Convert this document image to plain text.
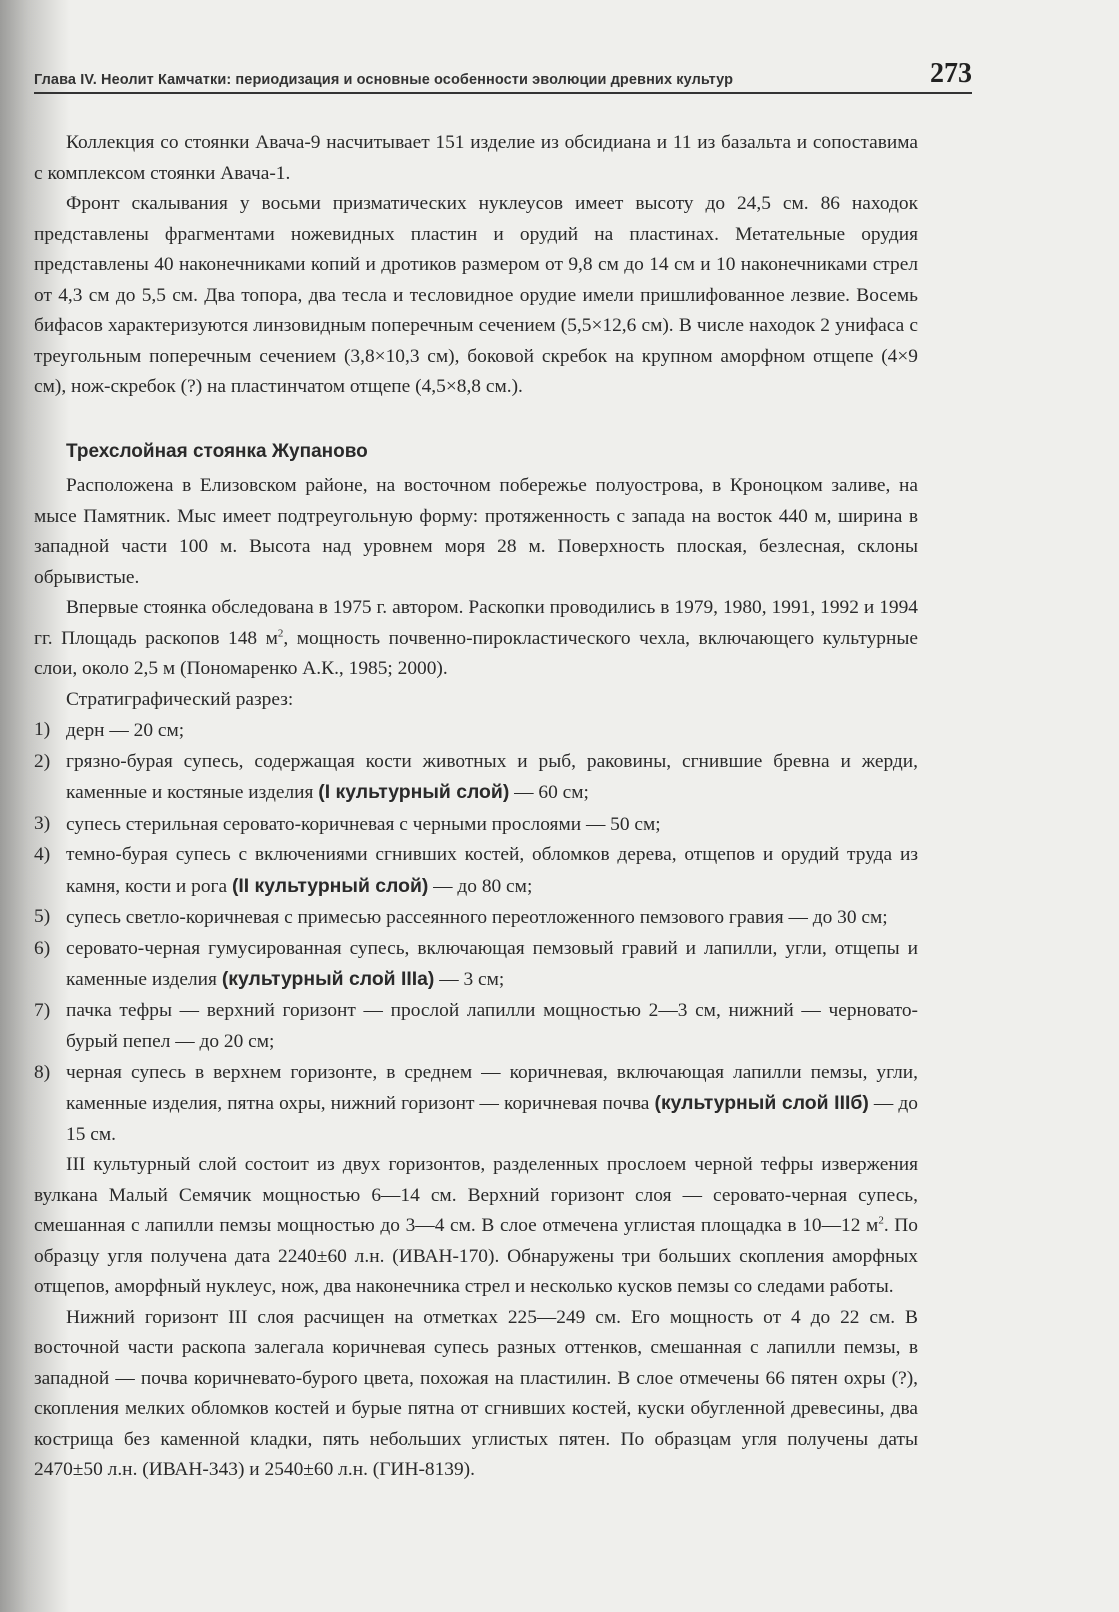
Глава IV. Неолит Камчатки: периодизация и основные особенности эволюции древних культур	273

Коллекция со стоянки Авача-9 насчитывает 151 изделие из обсидиана и 11 из базальта и сопоставима с комплексом стоянки Авача-1.

Фронт скалывания у восьми призматических нуклеусов имеет высоту до 24,5 см. 86 находок представлены фрагментами ножевидных пластин и орудий на пластинах. Метательные орудия представлены 40 наконечниками копий и дротиков размером от 9,8 см до 14 см и 10 наконечниками стрел от 4,3 см до 5,5 см. Два топора, два тесла и тесловидное орудие имели пришлифованное лезвие. Восемь бифасов характеризуются линзовидным поперечным сечением (5,5×12,6 см). В числе находок 2 унифаса с треугольным поперечным сечением (3,8×10,3 см), боковой скребок на крупном аморфном отщепе (4×9 см), нож-скребок (?) на пластинчатом отщепе (4,5×8,8 см.).

Трехслойная стоянка Жупаново

Расположена в Елизовском районе, на восточном побережье полуострова, в Кроноцком заливе, на мысе Памятник. Мыс имеет подтреугольную форму: протяженность с запада на восток 440 м, ширина в западной части 100 м. Высота над уровнем моря 28 м. Поверхность плоская, безлесная, склоны обрывистые.

Впервые стоянка обследована в 1975 г. автором. Раскопки проводились в 1979, 1980, 1991, 1992 и 1994 гг. Площадь раскопов 148 $м^2$, мощность почвенно-пирокластического чехла, включающего культурные слои, около 2,5 м (Пономаренко А.К., 1985; 2000).

Стратиграфический разрез:

1) дерн — 20 см;
2) грязно-бурая супесь, содержащая кости животных и рыб, раковины, сгнившие бревна и жерди, каменные и костяные изделия (I культурный слой) — 60 см;
3) супесь стерильная серовато-коричневая с черными прослоями — 50 см;
4) темно-бурая супесь с включениями сгнивших костей, обломков дерева, отщепов и орудий труда из камня, кости и рога (II культурный слой) — до 80 см;
5) супесь светло-коричневая с примесью рассеянного переотложенного пемзового гравия — до 30 см;
6) серовато-черная гумусированная супесь, включающая пемзовый гравий и лапилли, угли, отщепы и каменные изделия (культурный слой IIIa) — 3 см;
7) пачка тефры — верхний горизонт — прослой лапилли мощностью 2—3 см, нижний — черновато-бурый пепел — до 20 см;
8) черная супесь в верхнем горизонте, в среднем — коричневая, включающая лапилли пемзы, угли, каменные изделия, пятна охры, нижний горизонт — коричневая почва (культурный слой IIIб) — до 15 см.

III культурный слой состоит из двух горизонтов, разделенных прослоем черной тефры извержения вулкана Малый Семячик мощностью 6—14 см. Верхний горизонт слоя — серовато-черная супесь, смешанная с лапилли пемзы мощностью до 3—4 см. В слое отмечена углистая площадка в 10—12 $м^2$. По образцу угля получена дата 2240±60 л.н. (ИВАН-170). Обнаружены три больших скопления аморфных отщепов, аморфный нуклеус, нож, два наконечника стрел и несколько кусков пемзы со следами работы.

Нижний горизонт III слоя расчищен на отметках 225—249 см. Его мощность от 4 до 22 см. В восточной части раскопа залегала коричневая супесь разных оттенков, смешанная с лапилли пемзы, в западной — почва коричневато-бурого цвета, похожая на пластилин. В слое отмечены 66 пятен охры (?), скопления мелких обломков костей и бурые пятна от сгнивших костей, куски обугленной древесины, два кострища без каменной кладки, пять небольших углистых пятен. По образцам угля получены даты 2470±50 л.н. (ИВАН-343) и 2540±60 л.н. (ГИН-8139).
